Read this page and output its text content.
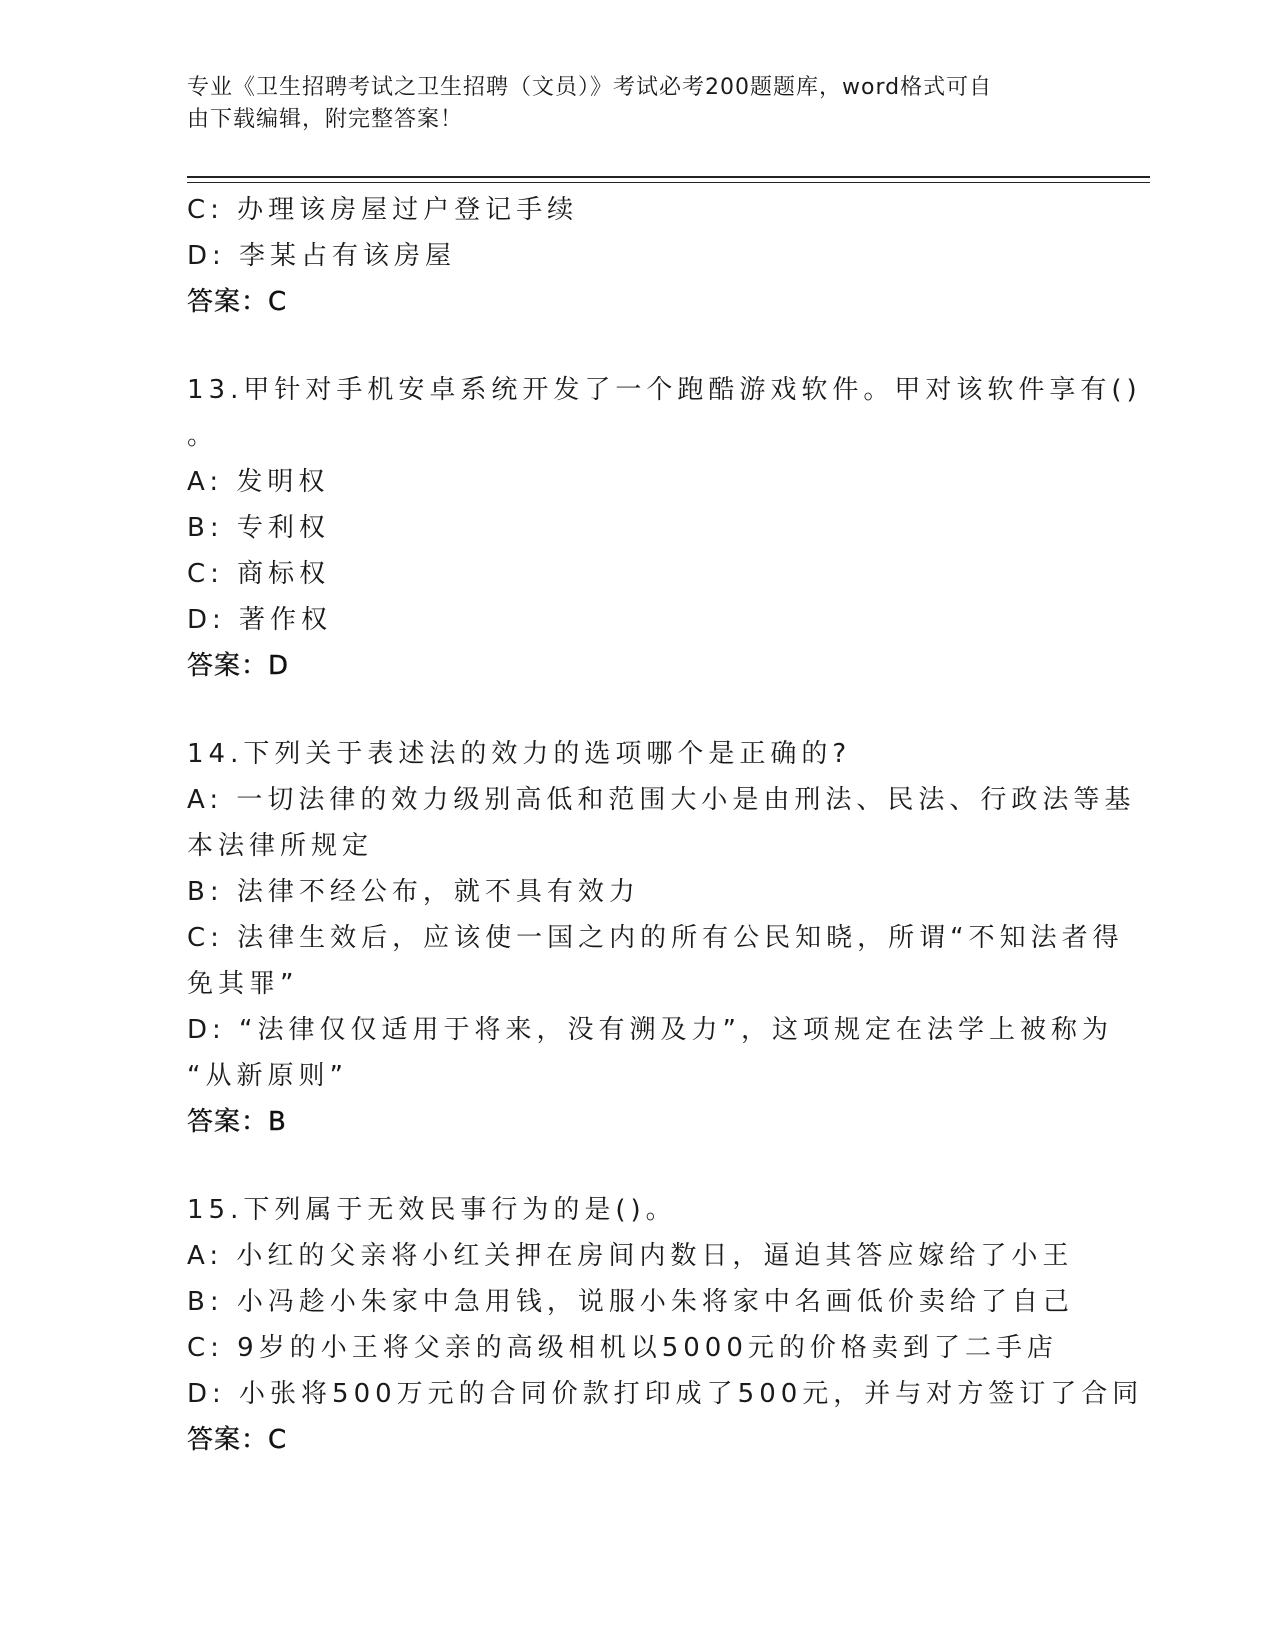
专业《卫生招聘考试之卫生招聘（文员）》考试必考200题题库，word格式可自
由下载编辑，附完整答案！
C: 办理该房屋过户登记手续
D: 李某占有该房屋
答案：C
13.甲针对手机安卓系统开发了一个跑酷游戏软件。甲对该软件享有()
。
A: 发明权
B: 专利权
C: 商标权
D: 著作权
答案：D
14.下列关于表述法的效力的选项哪个是正确的?
A: 一切法律的效力级别高低和范围大小是由刑法、民法、行政法等基
本法律所规定
B: 法律不经公布，就不具有效力
C: 法律生效后，应该使一国之内的所有公民知晓，所谓“不知法者得
免其罪”
D: “法律仅仅适用于将来，没有溯及力”，这项规定在法学上被称为
“从新原则”
答案：B
15.下列属于无效民事行为的是()。
A: 小红的父亲将小红关押在房间内数日，逼迫其答应嫁给了小王
B: 小冯趁小朱家中急用钱，说服小朱将家中名画低价卖给了自己
C: 9岁的小王将父亲的高级相机以5000元的价格卖到了二手店
D: 小张将500万元的合同价款打印成了500元，并与对方签订了合同
答案：C
